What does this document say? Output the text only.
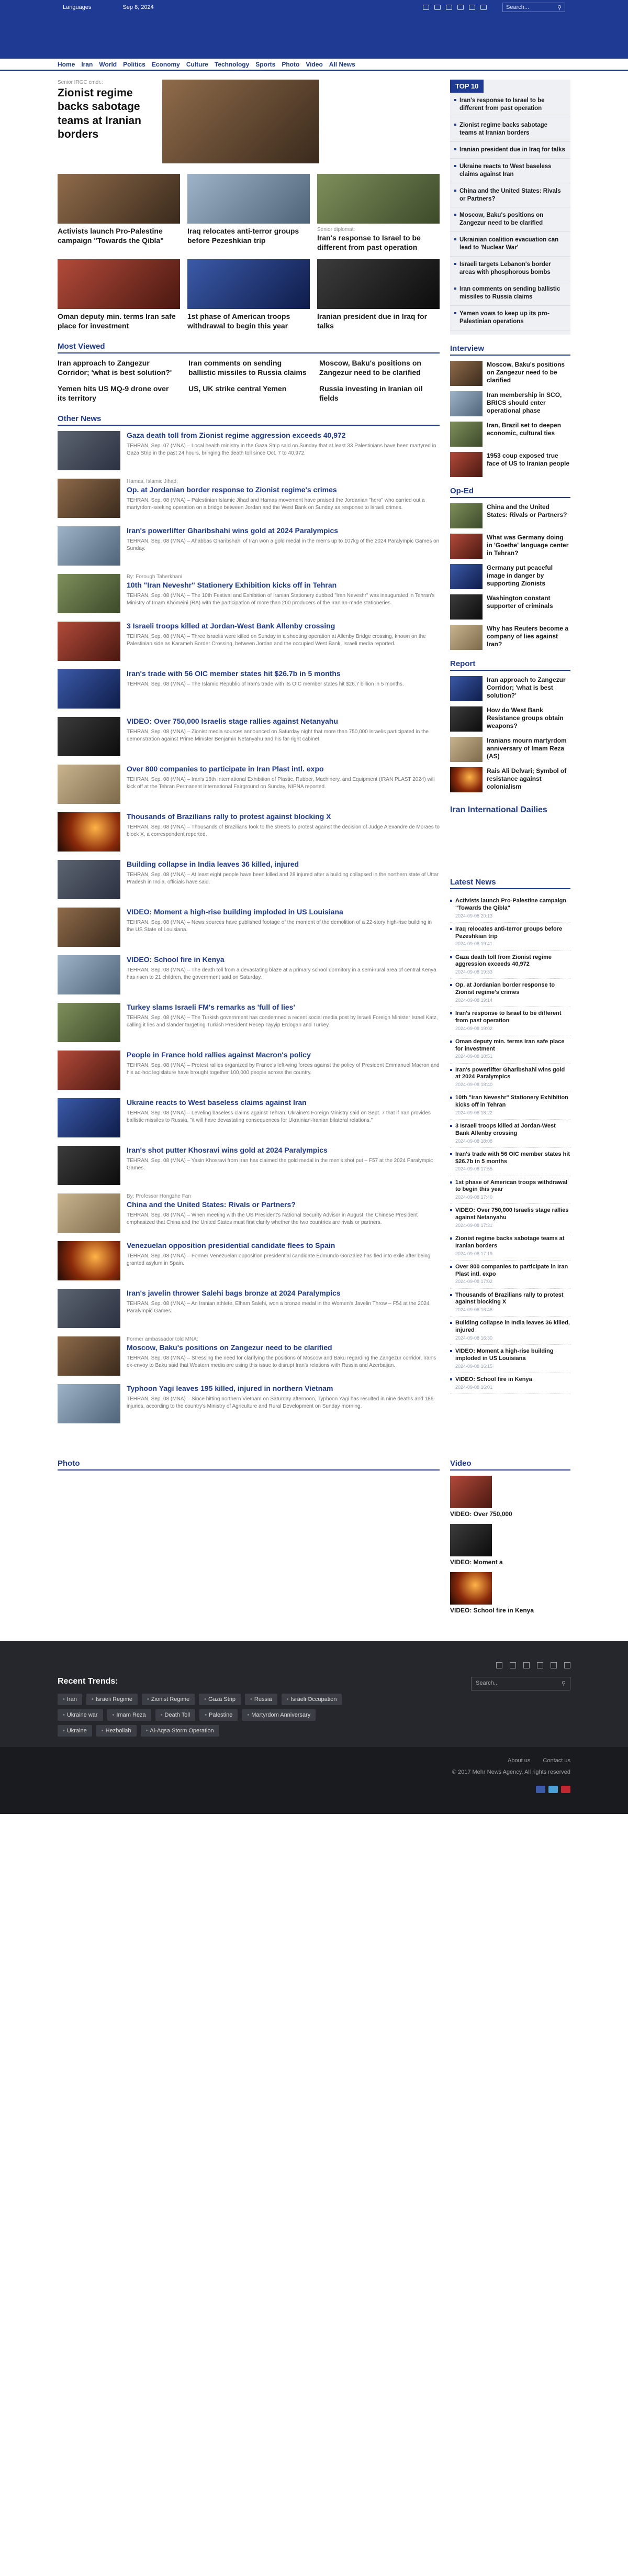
Languages	Sep 8, 2024	Search...	⚲
Home Iran World Politics Economy Culture Technology Sports Photo Video All News
Senior IRGC cmdr.:
Zionist regime backs sabotage teams at Iranian borders
Activists launch Pro-Palestine campaign "Towards the Qibla"
Iraq relocates anti-terror groups before Pezeshkian trip
Senior diplomat:
Iran's response to Israel to be different from past operation
Oman deputy min. terms Iran safe place for investment
1st phase of American troops withdrawal to begin this year
Iranian president due in Iraq for talks
Most Viewed
Iran approach to Zangezur Corridor; 'what is best solution?'
Iran comments on sending ballistic missiles to Russia claims
Moscow, Baku's positions on Zangezur need to be clarified
Yemen hits US MQ-9 drone over its territory
US, UK strike central Yemen	Russia investing in Iranian oil fields
Other News
Gaza death toll from Zionist regime aggression exceeds 40,972
TEHRAN, Sep. 07 (MNA) – Local health ministry in the Gaza Strip said on Sunday that at least 33 Palestinians have been martyred in Gaza Strip in the past 24 hours, bringing the death toll since Oct. 7 to 40,972.
Hamas, Islamic Jihad:
Op. at Jordanian border response to Zionist regime's crimes
TEHRAN, Sep. 08 (MNA) – Palestinian Islamic Jihad and Hamas movement have praised the Jordanian "hero" who carried out a martyrdom-seeking operation on a bridge between Jordan and the West Bank on Sunday as response to Israeli crimes.
Iran's powerlifter Gharibshahi wins gold at 2024 Paralympics
TEHRAN, Sep. 08 (MNA) – Ahabbas Gharibshahi of Iran won a gold medal in the men's up to 107kg of the 2024 Paralympic Games on Sunday.
By: Forough Taherkhani
10th "Iran Neveshr" Stationery Exhibition kicks off in Tehran
TEHRAN, Sep. 08 (MNA) – The 10th Festival and Exhibition of Iranian Stationery dubbed "Iran Neveshr" was inaugurated in Tehran's Ministry of Imam Khomeini (RA) with the participation of more than 200 producers of the Iranian-made stationeries.
3 Israeli troops killed at Jordan-West Bank Allenby crossing
TEHRAN, Sep. 08 (MNA) – Three Israelis were killed on Sunday in a shooting operation at Allenby Bridge crossing, known on the Palestinian side as Karameh Border Crossing, between Jordan and the occupied West Bank, Israeli media reported.
Iran's trade with 56 OIC member states hit $26.7b in 5 months
TEHRAN, Sep. 08 (MNA) – The Islamic Republic of Iran's trade with its OIC member states hit $26.7 billion in 5 months.
VIDEO: Over 750,000 Israelis stage rallies against Netanyahu
TEHRAN, Sep. 08 (MNA) – Zionist media sources announced on Saturday night that more than 750,000 Israelis participated in the demonstration against Prime Minister Benjamin Netanyahu and his far-right cabinet.
Over 800 companies to participate in Iran Plast intl. expo
TEHRAN, Sep. 08 (MNA) – Iran's 18th International Exhibition of Plastic, Rubber, Machinery, and Equipment (IRAN PLAST 2024) will kick off at the Tehran Permanent International Fairground on Sunday, NIPNA reported.
Thousands of Brazilians rally to protest against blocking X
TEHRAN, Sep. 08 (MNA) – Thousands of Brazilians took to the streets to protest against the decision of Judge Alexandre de Moraes to block X, a correspondent reported.
Building collapse in India leaves 36 killed, injured
TEHRAN, Sep. 08 (MNA) – At least eight people have been killed and 28 injured after a building collapsed in the northern state of Uttar Pradesh in India, officials have said.
VIDEO: Moment a high-rise building imploded in US Louisiana
TEHRAN, Sep. 08 (MNA) – News sources have published footage of the moment of the demolition of a 22-story high-rise building in the US State of Louisiana.
VIDEO: School fire in Kenya
TEHRAN, Sep. 08 (MNA) – The death toll from a devastating blaze at a primary school dormitory in a semi-rural area of central Kenya has risen to 21 children, the government said on Saturday.
Turkey slams Israeli FM's remarks as 'full of lies'
TEHRAN, Sep. 08 (MNA) – The Turkish government has condemned a recent social media post by Israeli Foreign Minister Israel Katz, calling it lies and slander targeting Turkish President Recep Tayyip Erdogan and Turkey.
People in France hold rallies against Macron's policy
TEHRAN, Sep. 08 (MNA) – Protest rallies organized by France's left-wing forces against the policy of President Emmanuel Macron and his ad-hoc legislature have brought together 100,000 people across the country.
Ukraine reacts to West baseless claims against Iran
TEHRAN, Sep. 08 (MNA) – Leveling baseless claims against Tehran, Ukraine's Foreign Ministry said on Sept. 7 that if Iran provides ballistic missiles to Russia, "it will have devastating consequences for Ukrainian-Iranian bilateral relations."
Iran's shot putter Khosravi wins gold at 2024 Paralympics
TEHRAN, Sep. 08 (MNA) – Yasin Khosravi from Iran has claimed the gold medal in the men's shot put – F57 at the 2024 Paralympic Games.
By: Professor Hongzhe Fan
China and the United States: Rivals or Partners?
TEHRAN, Sep. 08 (MNA) – When meeting with the US President's National Security Advisor in August, the Chinese President emphasized that China and the United States must first clarify whether the two countries are rivals or partners.
Venezuelan opposition presidential candidate flees to Spain
TEHRAN, Sep. 08 (MNA) – Former Venezuelan opposition presidential candidate Edmundo González has fled into exile after being granted asylum in Spain.
Iran's javelin thrower Salehi bags bronze at 2024 Paralympics
TEHRAN, Sep. 08 (MNA) – An Iranian athlete, Elham Salehi, won a bronze medal in the Women's Javelin Throw – F54 at the 2024 Paralympic Games.
Former ambassador told MNA:
Moscow, Baku's positions on Zangezur need to be clarified
TEHRAN, Sep. 08 (MNA) – Stressing the need for clarifying the positions of Moscow and Baku regarding the Zangezur corridor, Iran's ex-envoy to Baku said that Western media are using this issue to disrupt Iran's relations with Russia and Azerbaijan.
Typhoon Yagi leaves 195 killed, injured in northern Vietnam
TEHRAN, Sep. 08 (MNA) – Since hitting northern Vietnam on Saturday afternoon, Typhoon Yagi has resulted in nine deaths and 186 injuries, according to the country's Ministry of Agriculture and Rural Development on Sunday morning.
TOP 10
Iran's response to Israel to be different from past operation
Zionist regime backs sabotage teams at Iranian borders
Iranian president due in Iraq for talks
Ukraine reacts to West baseless claims against Iran
China and the United States: Rivals or Partners?
Moscow, Baku's positions on Zangezur need to be clarified
Ukrainian coalition evacuation can lead to 'Nuclear War'
Israeli targets Lebanon's border areas with phosphorous bombs
Iran comments on sending ballistic missiles to Russia claims
Yemen vows to keep up its pro-Palestinian operations
Interview
Moscow, Baku's positions on Zangezur need to be clarified
Iran membership in SCO, BRICS should enter operational phase
Iran, Brazil set to deepen economic, cultural ties
1953 coup exposed true face of US to Iranian people
Op-Ed
China and the United States: Rivals or Partners?
What was Germany doing in 'Goethe' language center in Tehran?
Germany put peaceful image in danger by supporting Zionists
Washington constant supporter of criminals
Why has Reuters become a company of lies against Iran?
Report
Iran approach to Zangezur Corridor; 'what is best solution?'
How do West Bank Resistance groups obtain weapons?
Iranians mourn martyrdom anniversary of Imam Reza (AS)
Rais Ali Delvari; Symbol of resistance against colonialism
Iran International Dailies
Latest News
Activists launch Pro-Palestine campaign "Towards the Qibla"
2024-09-08 20:13
Iraq relocates anti-terror groups before Pezeshkian trip
2024-09-08 19:41
Gaza death toll from Zionist regime aggression exceeds 40,972
2024-09-08 19:33
Op. at Jordanian border response to Zionist regime's crimes
2024-09-08 19:14
Iran's response to Israel to be different from past operation
2024-09-08 19:02
Oman deputy min. terms Iran safe place for investment
2024-09-08 18:51
Iran's powerlifter Gharibshahi wins gold at 2024 Paralympics
2024-09-08 18:40
10th "Iran Neveshr" Stationery Exhibition kicks off in Tehran
2024-09-08 18:22
3 Israeli troops killed at Jordan-West Bank Allenby crossing
2024-09-08 18:08
Iran's trade with 56 OIC member states hit $26.7b in 5 months
2024-09-08 17:55
1st phase of American troops withdrawal to begin this year
2024-09-08 17:40
VIDEO: Over 750,000 Israelis stage rallies against Netanyahu
2024-09-08 17:31
Zionist regime backs sabotage teams at Iranian borders
2024-09-08 17:19
Over 800 companies to participate in Iran Plast intl. expo
2024-09-08 17:02
Thousands of Brazilians rally to protest against blocking X
2024-09-08 16:48
Building collapse in India leaves 36 killed, injured
2024-09-08 16:30
VIDEO: Moment a high-rise building imploded in US Louisiana
2024-09-08 16:15
VIDEO: School fire in Kenya
2024-09-08 16:01
Photo	Video
VIDEO: Over 750,000
VIDEO: Moment a
VIDEO: School fire in Kenya
Recent Trends:
• Iran	• Israeli Regime	• Zionist Regime	• Gaza Strip	• Russia	• Israeli Occupation
• Ukraine war	• Imam Reza	• Death Toll	• Palestine	• Martyrdom Anniversary
• Ukraine	• Hezbollah	• Al-Aqsa Storm Operation
Search...	⚲
About us Contact us
© 2017 Mehr News Agency. All rights reserved
